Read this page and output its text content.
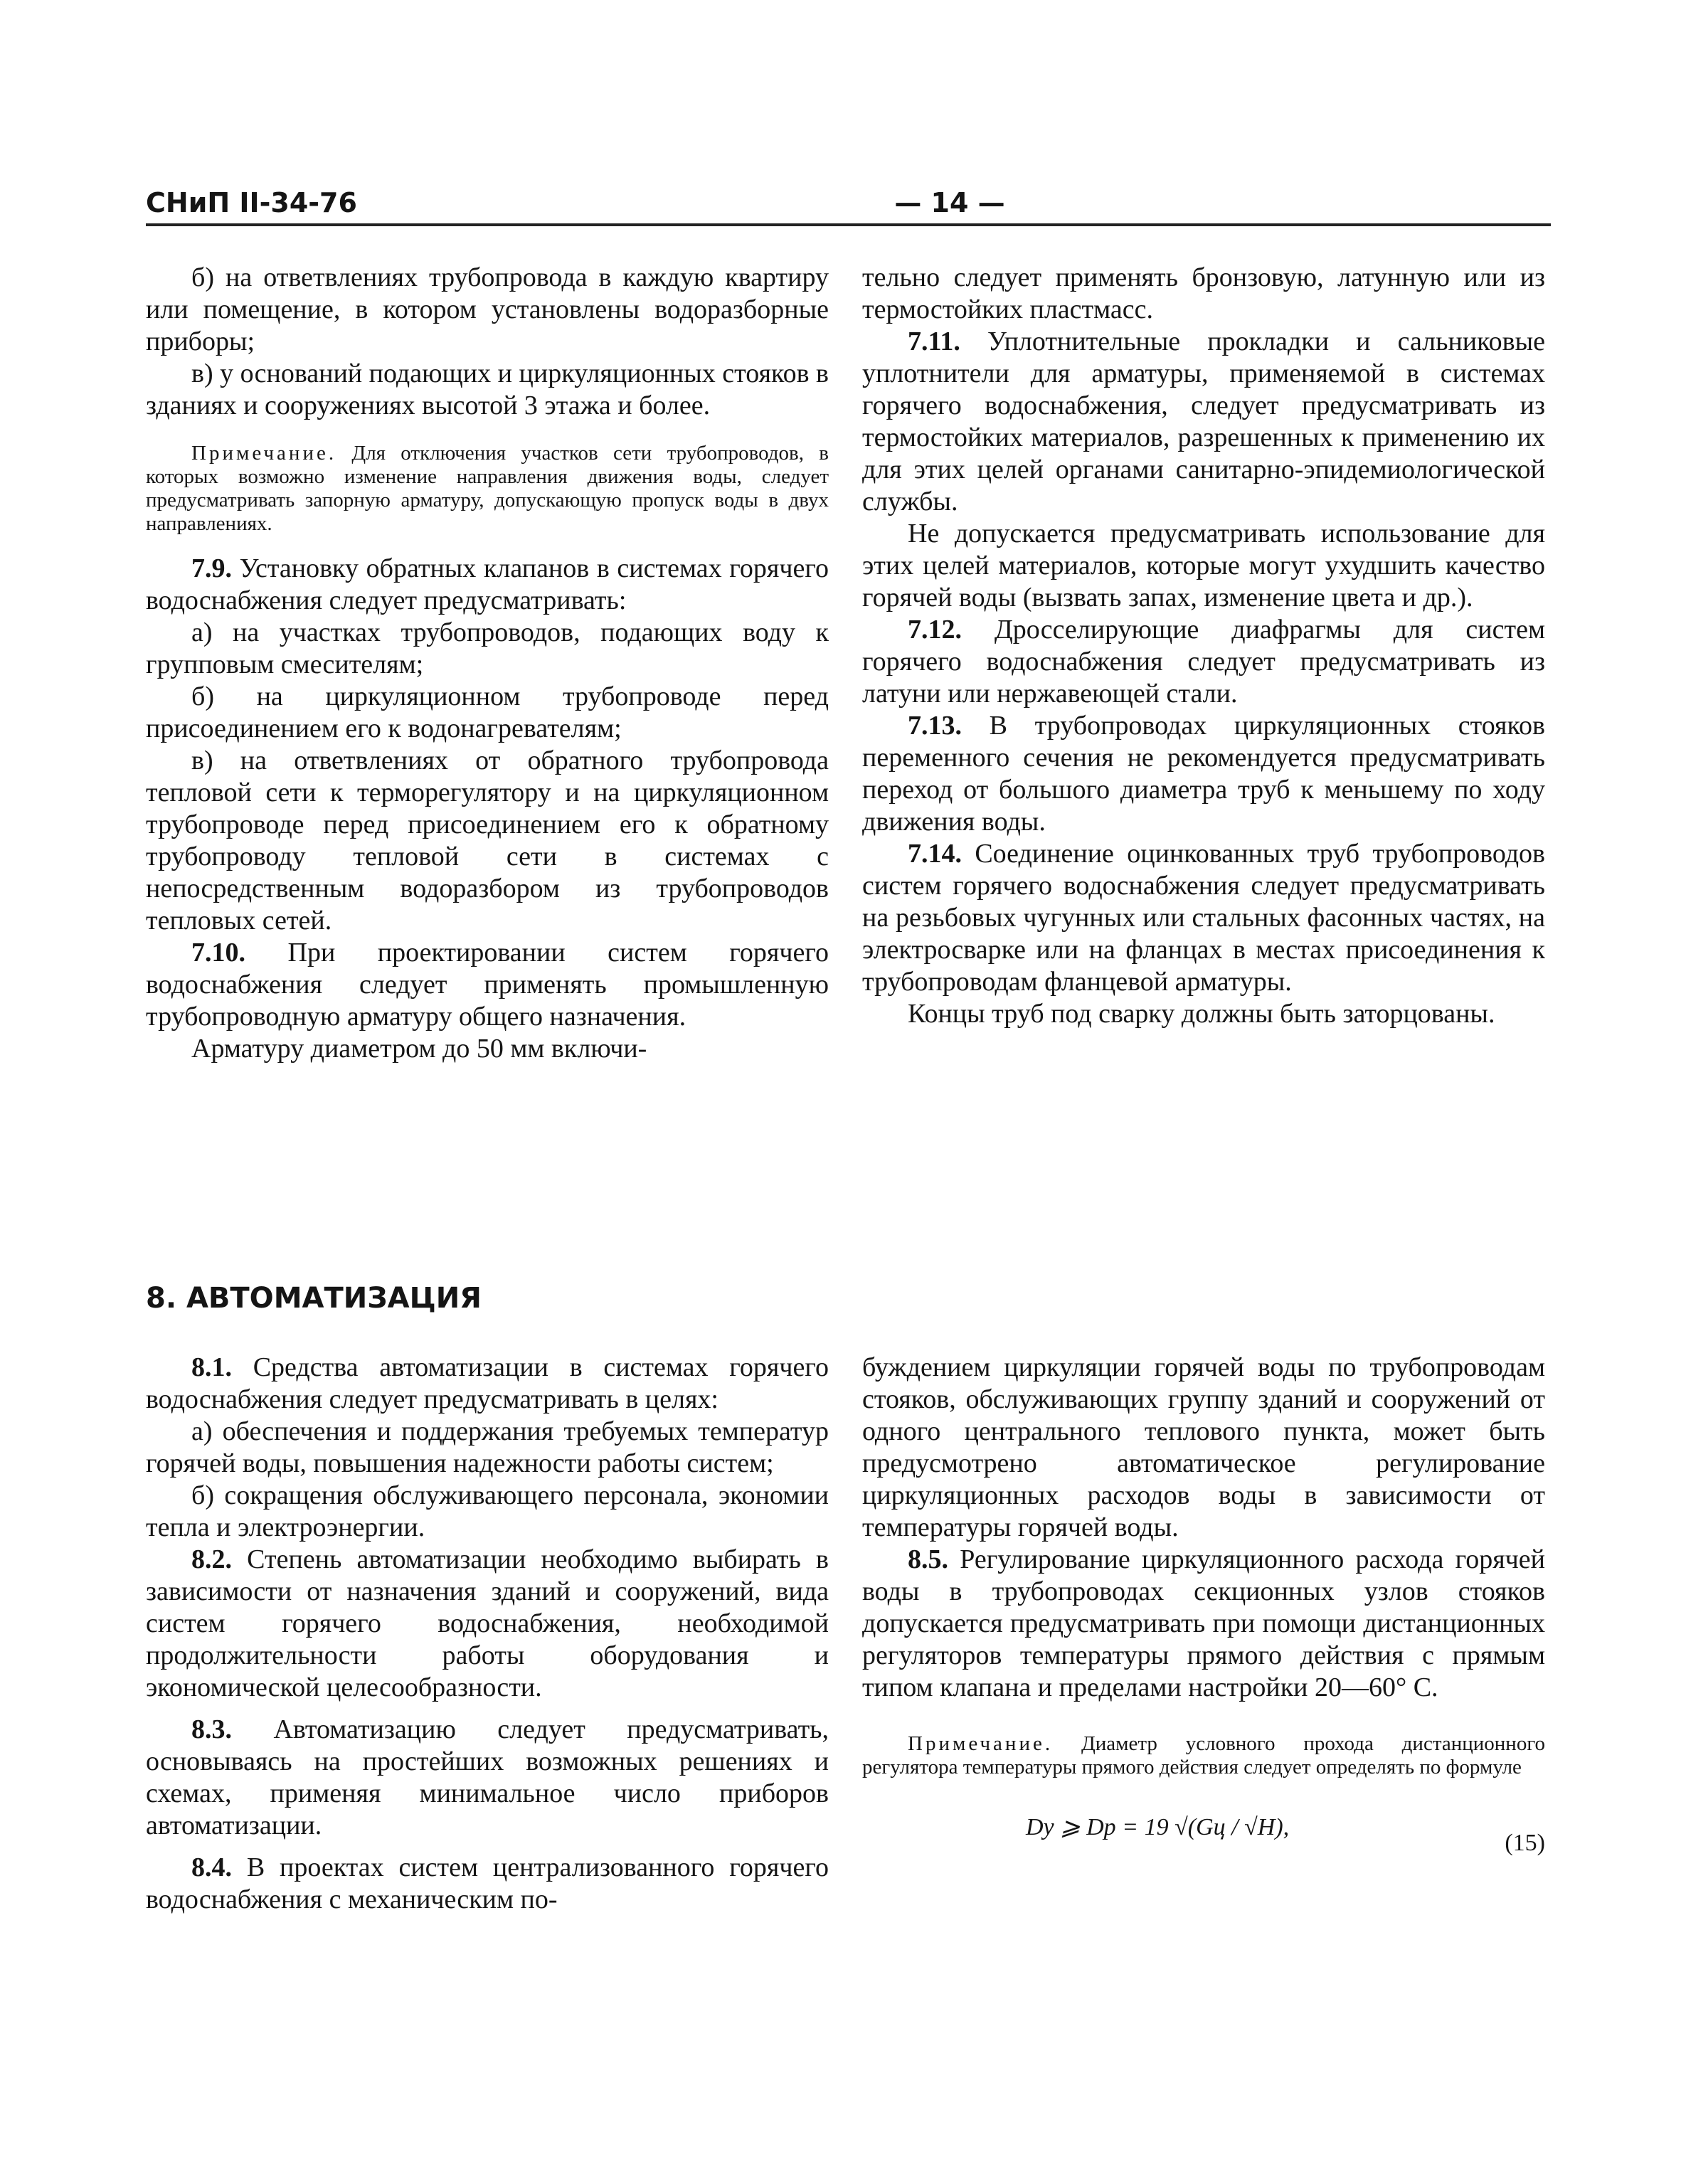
СНиП II-34-76	— 14 —

б) на ответвлениях трубопровода в каждую квартиру или помещение, в котором установлены водоразборные приборы;

в) у оснований подающих и циркуляционных стояков в зданиях и сооружениях высотой 3 этажа и более.

Примечание. Для отключения участков сети трубопроводов, в которых возможно изменение направления движения воды, следует предусматривать запорную арматуру, допускающую пропуск воды в двух направлениях.

7.9. Установку обратных клапанов в системах горячего водоснабжения следует предусматривать:

а) на участках трубопроводов, подающих воду к групповым смесителям;

б) на циркуляционном трубопроводе перед присоединением его к водонагревателям;

в) на ответвлениях от обратного трубопровода тепловой сети к терморегулятору и на циркуляционном трубопроводе перед присоединением его к обратному трубопроводу тепловой сети в системах с непосредственным водоразбором из трубопроводов тепловых сетей.

7.10. При проектировании систем горячего водоснабжения следует применять промышленную трубопроводную арматуру общего назначения.

Арматуру диаметром до 50 мм включи-

тельно следует применять бронзовую, латунную или из термостойких пластмасс.

7.11. Уплотнительные прокладки и сальниковые уплотнители для арматуры, применяемой в системах горячего водоснабжения, следует предусматривать из термостойких материалов, разрешенных к применению их для этих целей органами санитарно-эпидемиологической службы.

Не допускается предусматривать использование для этих целей материалов, которые могут ухудшить качество горячей воды (вызвать запах, изменение цвета и др.).

7.12. Дросселирующие диафрагмы для систем горячего водоснабжения следует предусматривать из латуни или нержавеющей стали.

7.13. В трубопроводах циркуляционных стояков переменного сечения не рекомендуется предусматривать переход от большого диаметра труб к меньшему по ходу движения воды.

7.14. Соединение оцинкованных труб трубопроводов систем горячего водоснабжения следует предусматривать на резьбовых чугунных или стальных фасонных частях, на электросварке или на фланцах в местах присоединения к трубопроводам фланцевой арматуры.

Концы труб под сварку должны быть заторцованы.

8. АВТОМАТИЗАЦИЯ

8.1. Средства автоматизации в системах горячего водоснабжения следует предусматривать в целях:

а) обеспечения и поддержания требуемых температур горячей воды, повышения надежности работы систем;

б) сокращения обслуживающего персонала, экономии тепла и электроэнергии.

8.2. Степень автоматизации необходимо выбирать в зависимости от назначения зданий и сооружений, вида систем горячего водоснабжения, необходимой продолжительности работы оборудования и экономической целесообразности.

8.3. Автоматизацию следует предусматривать, основываясь на простейших возможных решениях и схемах, применяя минимальное число приборов автоматизации.

8.4. В проектах систем централизованного горячего водоснабжения с механическим по-

буждением циркуляции горячей воды по трубопроводам стояков, обслуживающих группу зданий и сооружений от одного центрального теплового пункта, может быть предусмотрено автоматическое регулирование циркуляционных расходов воды в зависимости от температуры горячей воды.

8.5. Регулирование циркуляционного расхода горячей воды в трубопроводах секционных узлов стояков допускается предусматривать при помощи дистанционных регуляторов температуры прямого действия с прямым типом клапана и пределами настройки 20—60° С.

Примечание. Диаметр условного прохода дистанционного регулятора температуры прямого действия следует определять по формуле
Dу ⩾ Dр = 19 √(Gц / √H),
(15)
